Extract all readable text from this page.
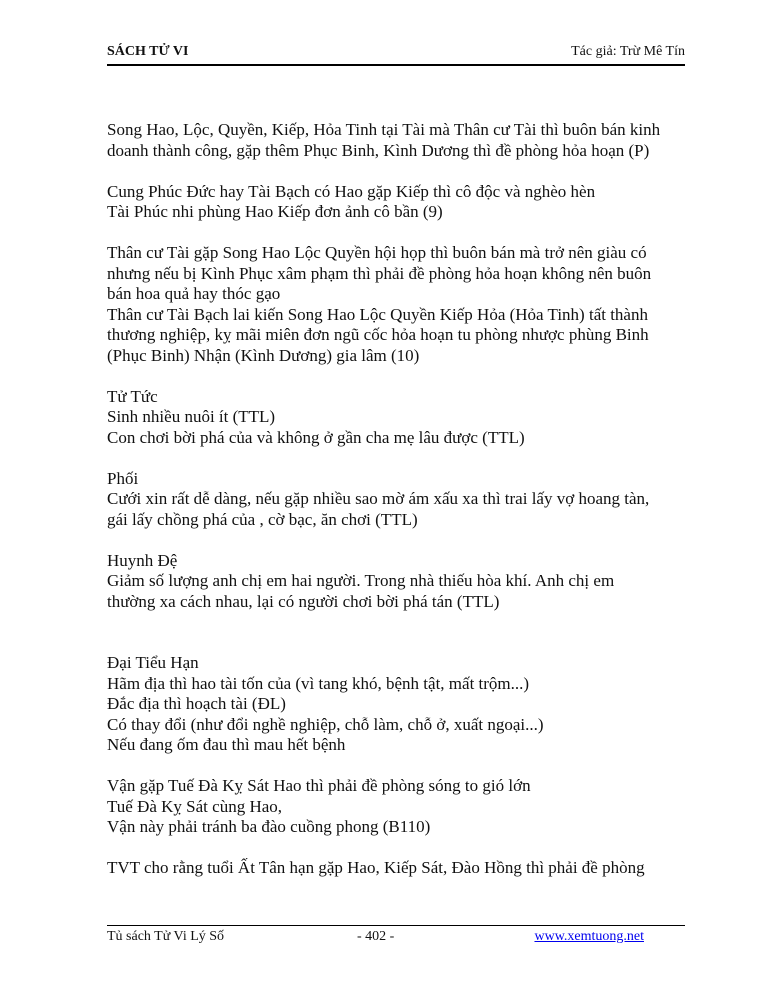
SÁCH TỬ VI	Tác giả: Trừ Mê Tín
Song Hao, Lộc, Quyền, Kiếp, Hỏa Tinh tại Tài mà Thân cư Tài thì buôn bán kinh
doanh thành công, gặp thêm Phục Binh, Kình Dương thì đề phòng hỏa hoạn (P)
Cung Phúc Đức hay Tài Bạch có Hao gặp Kiếp thì cô độc và nghèo hèn
Tài Phúc nhi phùng Hao Kiếp đơn ảnh cô bần (9)
Thân cư Tài gặp Song Hao Lộc Quyền hội họp thì buôn bán mà trở nên giàu có
nhưng nếu bị Kình Phục xâm phạm thì phải đề phòng hỏa hoạn không nên buôn
bán hoa quả hay thóc gạo
Thân cư Tài Bạch lai kiến Song Hao Lộc Quyền Kiếp Hỏa (Hỏa Tinh) tất thành
thương nghiệp, kỵ mãi miên đơn ngũ cốc hỏa hoạn tu phòng nhược phùng Binh
(Phục Binh) Nhận (Kình Dương) gia lâm (10)
Tử Tức
Sinh nhiều nuôi ít (TTL)
Con chơi bời phá của và không ở gần cha mẹ lâu được (TTL)
Phối
Cưới xin rất dễ dàng, nếu gặp nhiều sao mờ ám xấu xa thì trai lấy vợ hoang tàn,
gái lấy chồng phá của , cờ bạc, ăn chơi (TTL)
Huynh Đệ
Giảm số lượng anh chị em hai người. Trong nhà thiếu hòa khí. Anh chị em
thường xa cách nhau, lại có người chơi bời phá tán (TTL)
Đại Tiểu Hạn
Hãm địa thì hao tài tốn của (vì tang khó, bệnh tật, mất trộm...)
Đắc địa thì hoạch tài (ĐL)
Có thay đổi (như đổi nghề nghiệp, chỗ làm, chỗ ở, xuất ngoại...)
Nếu đang ốm đau thì mau hết bệnh
Vận gặp Tuế Đà Kỵ Sát Hao thì phải đề phòng sóng to gió lớn
Tuế Đà Kỵ Sát cùng Hao,
Vận này phải tránh ba đào cuồng phong (B110)
TVT cho rằng tuổi Ất Tân hạn gặp Hao, Kiếp Sát, Đào Hồng thì phải đề phòng
Tủ sách Tử Vi Lý Số	- 402 -	www.xemtuong.net
